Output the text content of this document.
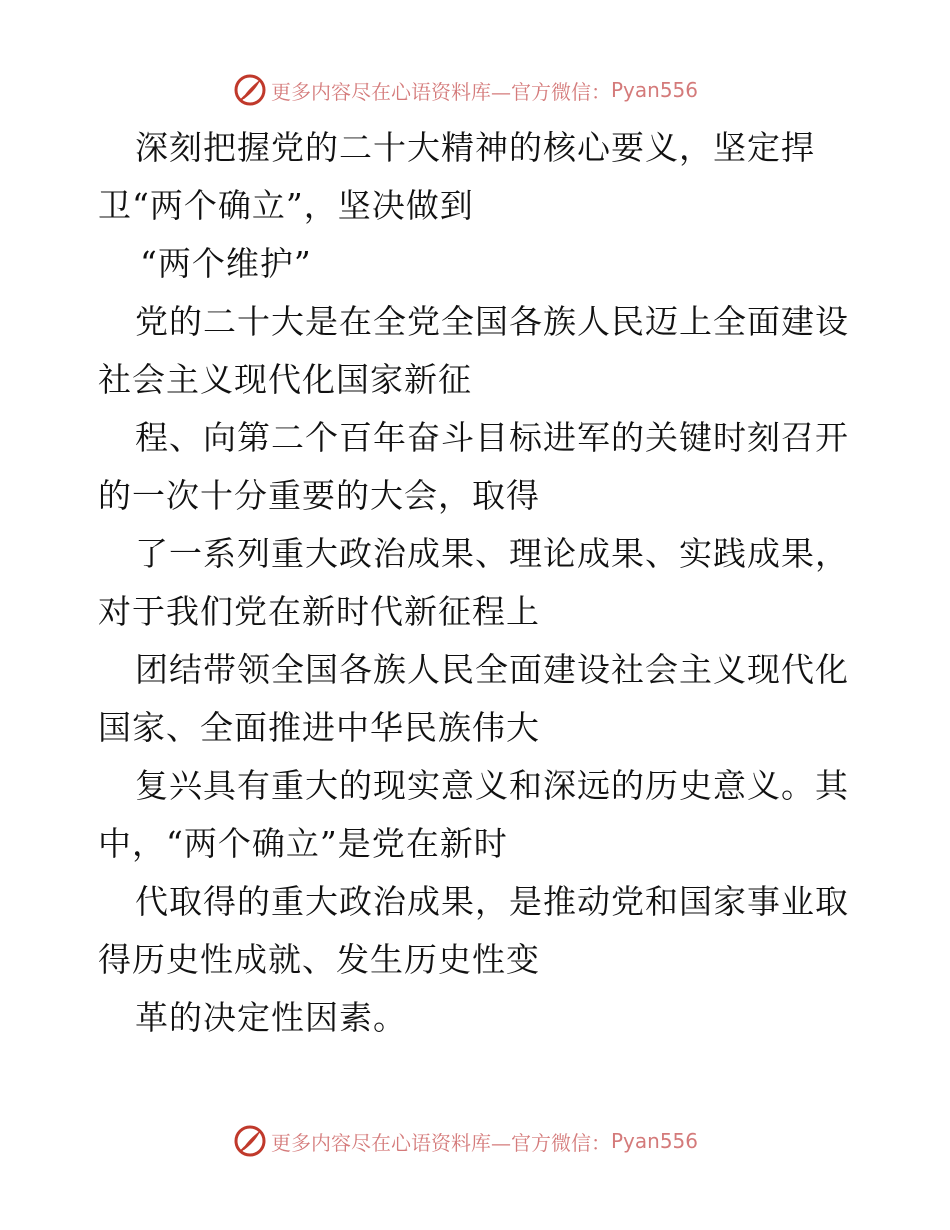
更多内容尽在心语资料库—官方微信： Pyan556
深刻把握党的二十大精神的核心要义，坚定捍
卫“两个确立”，坚决做到
“两个维护”
党的二十大是在全党全国各族人民迈上全面建设
社会主义现代化国家新征
程、向第二个百年奋斗目标进军的关键时刻召开
的一次十分重要的大会，取得
了一系列重大政治成果、理论成果、实践成果，
对于我们党在新时代新征程上
团结带领全国各族人民全面建设社会主义现代化
国家、全面推进中华民族伟大
复兴具有重大的现实意义和深远的历史意义。其
中，“两个确立”是党在新时
代取得的重大政治成果，是推动党和国家事业取
得历史性成就、发生历史性变
革的决定性因素。
更多内容尽在心语资料库—官方微信： Pyan556
